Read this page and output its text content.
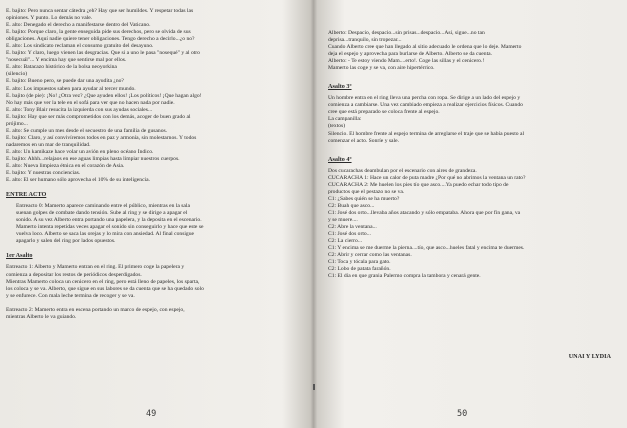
E. bajito: Pero nunca sentar cátedra ¿eh? Hay que ser humildes. Y respetar todas las

opiniones. Y punto. Lo demás no vale.

E. alto: Denegado el derecho a manifestarse dentro del Vaticano.

E. bajito: Porque claro, la gente enseguida pide sus derechos, pero se olvida de sus

obligaciones. Aquí nadie quiere tener obligaciones. Tengo derecho a decirlo...¿o no?

E. alto: Los sindicato reclaman el consumo gratuito del desayuno.

E. bajito: Y claro, luego vienen las desgracias. Que si a uno le pasa "nosequé" y al otro

"nosecuál"... Y encima hay que sentirse mal por ellos.

E. alto: Batacazo histórico de la bolsa neoyorkina

(silencio)

E. bajito: Bueno pero, se puede dar una ayudita ¿no?

E. alto: Los impuestos saben para ayudar al tercer mundo.

E. bajito (de pie): ¡No! ¿Otra vez? ¿Que ayuden ellos! ¡Los políticos! ¡Que hagan algo!

No hay más que ver la tele en el sofá para ver que no hacen nada por nadie.

E. alto: Tony Blair resucita la izquierda con sus ayudas sociales...

E. bajito: Hay que ser más comprometidos con los demás, acoger de buen grado al

prójimo...

E. alto: Se cumple un mes desde el secuestro de una familia de gusanos.

E. bajito: Claro, y así convivíremos todos en paz y armonía, sin molestarnos. Y todos

nadaremos en un mar de tranquilidad.

E. alto: Un kamikaze hace volar un avión en pleno océano Índico.

E. bajito: Ahhh...relajaos en ese aguas limpias hasta limpiar nuestros cuerpos.

E. alto: Nueva limpieza étnica en el corazón de Asia.

E. bajito: Y nuestras conciencias.

E. alto: El ser humano sólo aprovecha el 10% de su inteligencia.

ENTRE ACTO

Entreacto 0: Mamerto aparece caminando entre el público, mientras en la sala

suenan golpes de combate dando tensión. Sube al ring y se dirige a apagar el

sonido. A su vez Alberto entra portando una papelera, y la deposita en el escenario.

Mamerto intenta repetidas veces apagar el sonido sin conseguirlo y hace que este se

vuelva loco. Alberto se saca las orejas y lo mira con ansiedad. Al final consigue

apagarlo y salen del ring por lados opuestos.

1er Asalto

Entreacto 1: Alberto y Mamerto entran en el ring. El primero coge la papelera y

comienza a depositar los restos de periódicos desperdigados.

Mientras Mamerto coloca un cenicero en el ring, pero está lleno de papeles, los sparta,

los coloca y se va. Alberto, que sigue en sus labores se da cuenta que se ha quedado solo

y se enfurece. Con mala leche termina de recoger y se va.

Entreacto 2: Mamerto entra en escena portando un marco de espejo, con espejo,

mientras Alberto le va guiando.

49

Alberto: Despacio, despacio...sin prisas...despacio...Así, sigue...no tan

deprisa...tranquilo, sin tropezar...

Cuando Alberto cree que han llegado al sitio adecuado le ordena que lo deje. Mamerto

deja el espejo y aprovecha para burlarse de Alberto. Alberto se da cuenta.

Alberto: - Te estoy viendo Mam....erto!. Coge las sillas y el cenicero.!

Mamerto las coge y se va, con aire hipertérrico.

Asalto 3º

Un hombre entra en el ring lleva una percha con ropa. Se dirige a un lado del espejo y

comienza a cambiarse. Una vez cambiado empieza a realizar ejercicios físicos. Cuando

cree que está preparado se coloca frente al espejo.

La campanilla:

(textos)

Silencio. El hombre frente al espejo termina de arreglarse el traje que se había puesto al

comenzar el acto. Sonríe y sale.

Asalto 4º

Dos cucarachas deambulan por el escenario con aires de grandeza.

CUCARACHA 1: Hace un calor de puta madre ¿Por qué no abrimos la ventana un rato?

CUCARACHA 2: Me huelen los pies tío que asco....Ya puedo echar todo tipo de

productos que el pestazo no se va.

C1: ¿Sabes quién se ha muerto?

C2: Buah que asco...

C1: José dos orto...llevaba años atacando y sólo empataba. Ahora que por fin gana, va

y se muere....

C2: Abre la ventana...

C1: José dos orto...

C2: La cierro...

C1: Y encima se me duerme la pierna....tío, que asco...hueles fatal y encima te duermes.

C2: Abrir y cerrar como las ventanas.

C1: Toca y tócala para gato.

C2: Lobo de patata farañón.

C1: El día en que grania Palermo compra la tambora y cenará gente.

UNAI Y LYDIA
50
